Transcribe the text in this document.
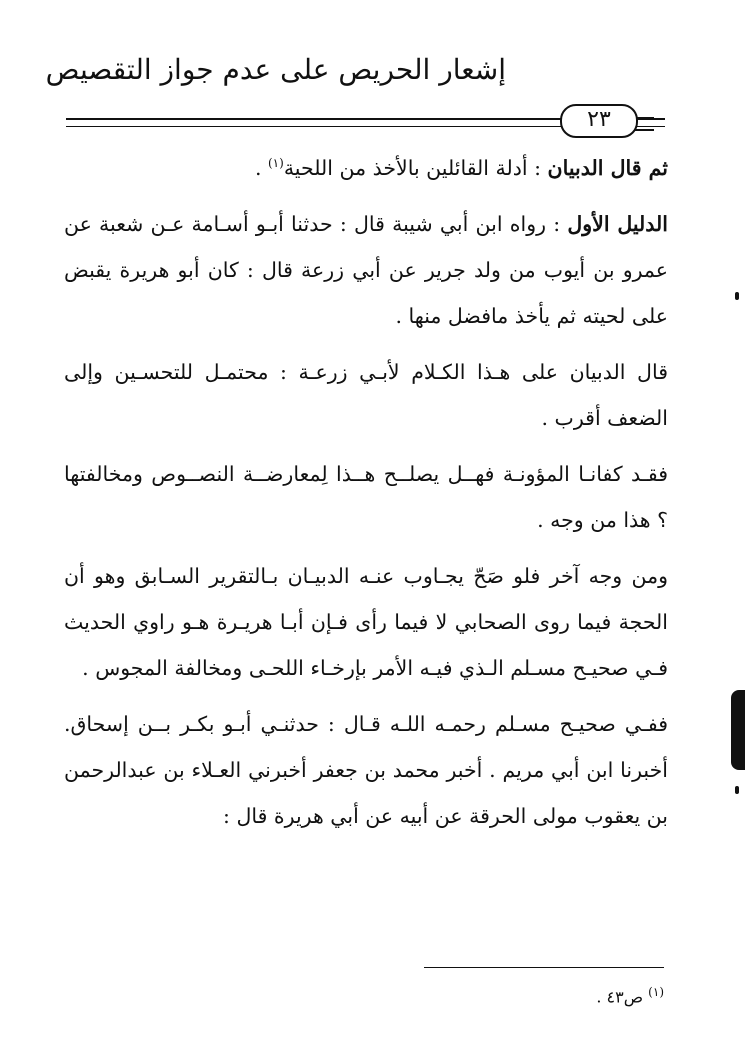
إشعار الحريص على عدم جواز التقصيص
٢٣

ثم قال الدبيان : أدلة القائلين بالأخذ من اللحية$^{(١)}$ .

الدليل الأول : رواه ابن أبي شيبة قال : حدثنا أبـو أسـامة عـن شعبة عن عمرو بن أيوب من ولد جرير عن أبي زرعة قال : كان أبو هريرة يقبض على لحيته ثم يأخذ مافضل منها .

قال الدبيان على هـذا الكـلام لأبـي زرعـة : محتمـل للتحسـين وإلى الضعف أقرب .

فقـد كفانـا المؤونـة فهــل يصلــح هــذا لِمعارضــة النصــوص ومخالفتها ؟ هذا من وجه .

ومن وجه آخر فلو صَحّ يجـاوب عنـه الدبيـان بـالتقرير السـابق وهو أن الحجة فيما روى الصحابي لا فيما رأى فـإن أبـا هريـرة هـو راوي الحديث فـي صحيـح مسـلم الـذي فيـه الأمر بإرخـاء اللحـى ومخالفة المجوس .

ففـي صحيـح مسـلم رحمـه اللـه قـال : حدثنـي أبـو بكـر بــن إسحاق. أخبرنا ابن أبي مريم . أخبر محمد بن جعفر أخبرني العـلاء بن عبدالرحمن بن يعقوب مولى الحرقة عن أبيه عن أبي هريرة قال :

$^{(١)}$ ص٤٣ .
